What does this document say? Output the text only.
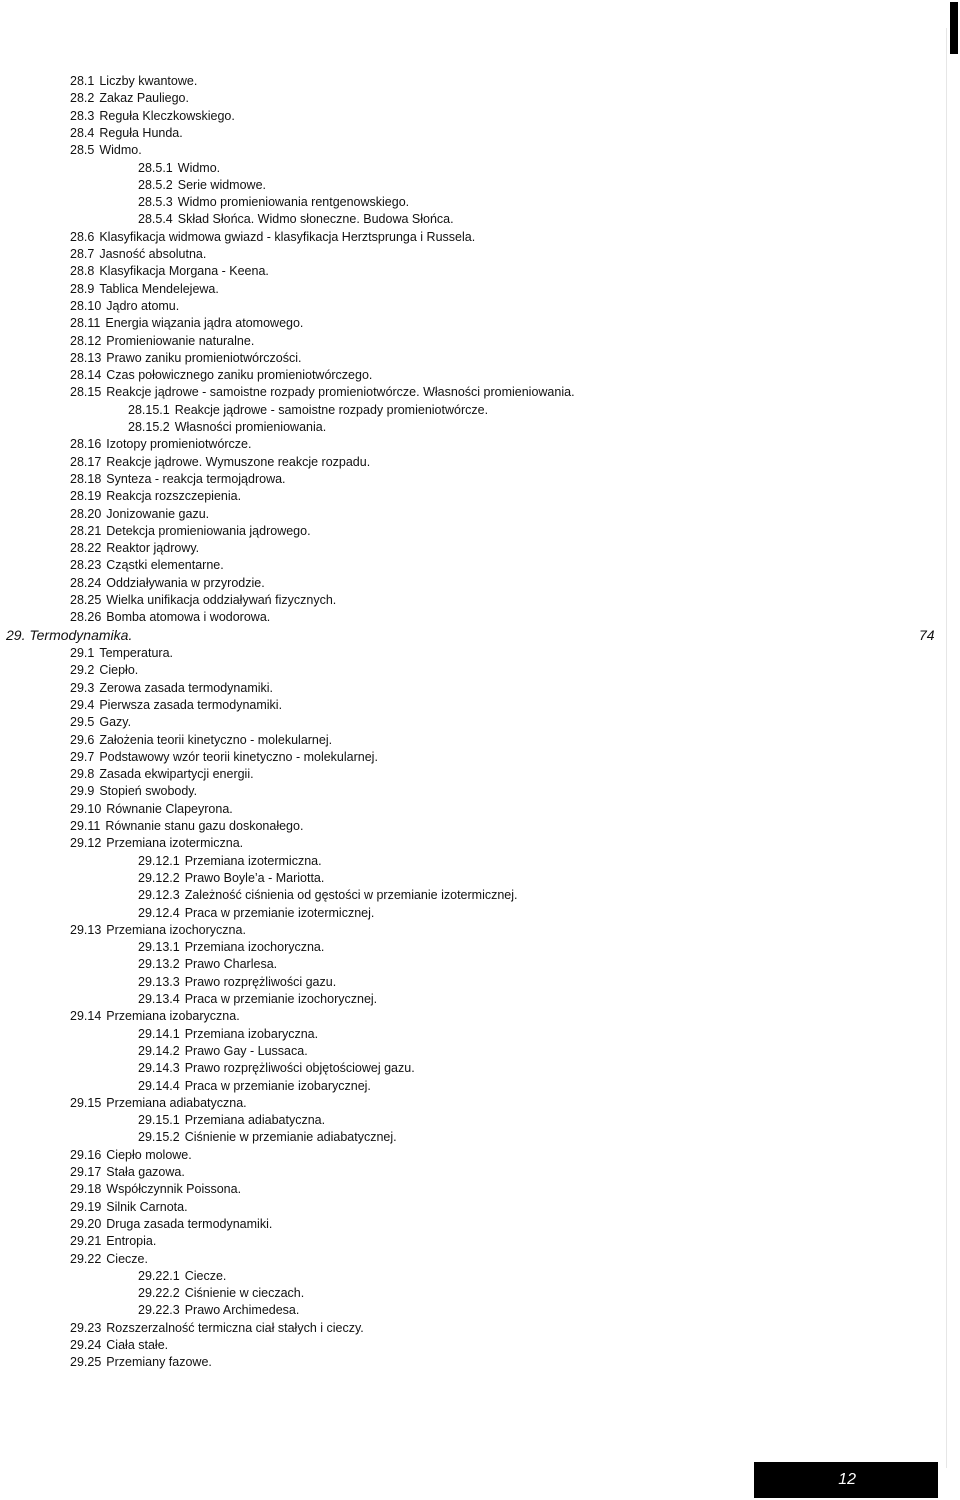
29. Termodynamika.	74
28.1 Liczby kwantowe.
28.2 Zakaz Pauliego.
28.3 Reguła Kleczkowskiego.
28.4 Reguła Hunda.
28.5 Widmo.
28.5.1 Widmo.
28.5.2 Serie widmowe.
28.5.3 Widmo promieniowania rentgenowskiego.
28.5.4 Skład Słońca. Widmo słoneczne. Budowa Słońca.
28.6 Klasyfikacja widmowa gwiazd - klasyfikacja Herztsprunga i Russela.
28.7 Jasność absolutna.
28.8 Klasyfikacja Morgana - Keena.
28.9 Tablica Mendelejewa.
28.10 Jądro atomu.
28.11 Energia wiązania jądra atomowego.
28.12 Promieniowanie naturalne.
28.13 Prawo zaniku promieniotwórczości.
28.14 Czas połowicznego zaniku promieniotwórczego.
28.15 Reakcje jądrowe - samoistne rozpady promieniotwórcze. Własności promieniowania.
28.15.1 Reakcje jądrowe - samoistne rozpady promieniotwórcze.
28.15.2 Własności promieniowania.
28.16 Izotopy promieniotwórcze.
28.17 Reakcje jądrowe. Wymuszone reakcje rozpadu.
28.18 Synteza - reakcja termojądrowa.
28.19 Reakcja rozszczepienia.
28.20 Jonizowanie gazu.
28.21 Detekcja promieniowania jądrowego.
28.22 Reaktor jądrowy.
28.23 Cząstki elementarne.
28.24 Oddziaływania w przyrodzie.
28.25 Wielka unifikacja oddziaływań fizycznych.
28.26 Bomba atomowa i wodorowa.
29.1 Temperatura.
29.2 Ciepło.
29.3 Zerowa zasada termodynamiki.
29.4 Pierwsza zasada termodynamiki.
29.5 Gazy.
29.6 Założenia teorii kinetyczno - molekularnej.
29.7 Podstawowy wzór teorii kinetyczno - molekularnej.
29.8 Zasada ekwipartycji energii.
29.9 Stopień swobody.
29.10 Równanie Clapeyrona.
29.11 Równanie stanu gazu doskonałego.
29.12 Przemiana izotermiczna.
29.12.1 Przemiana izotermiczna.
29.12.2 Prawo Boyle’a - Mariotta.
29.12.3 Zależność ciśnienia od gęstości w przemianie izotermicznej.
29.12.4 Praca w przemianie izotermicznej.
29.13 Przemiana izochoryczna.
29.13.1 Przemiana izochoryczna.
29.13.2 Prawo Charlesa.
29.13.3 Prawo rozprężliwości gazu.
29.13.4 Praca w przemianie izochorycznej.
29.14 Przemiana izobaryczna.
29.14.1 Przemiana izobaryczna.
29.14.2 Prawo Gay - Lussaca.
29.14.3 Prawo rozprężliwości objętościowej gazu.
29.14.4 Praca w przemianie izobarycznej.
29.15 Przemiana adiabatyczna.
29.15.1 Przemiana adiabatyczna.
29.15.2 Ciśnienie w przemianie adiabatycznej.
29.16 Ciepło molowe.
29.17 Stała gazowa.
29.18 Współczynnik Poissona.
29.19 Silnik Carnota.
29.20 Druga zasada termodynamiki.
29.21 Entropia.
29.22 Ciecze.
29.22.1 Ciecze.
29.22.2 Ciśnienie w cieczach.
29.22.3 Prawo Archimedesa.
29.23 Rozszerzalność termiczna ciał stałych i cieczy.
29.24 Ciała stałe.
29.25 Przemiany fazowe.
12
